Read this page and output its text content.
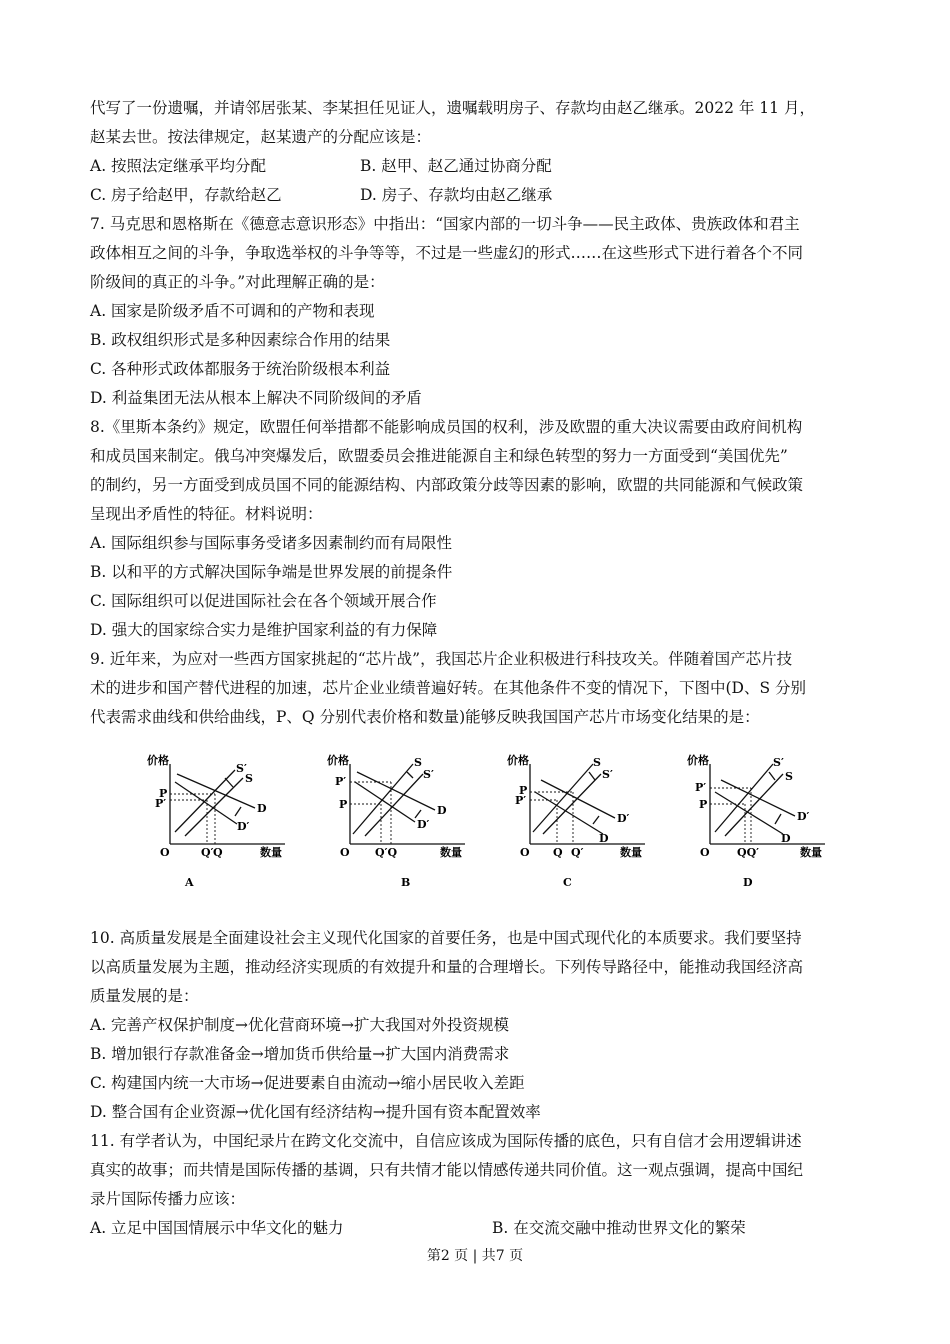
代写了一份遗嘱，并请邻居张某、李某担任见证人，遗嘱载明房子、存款均由赵乙继承。2022 年 11 月，
赵某去世。按法律规定，赵某遗产的分配应该是：
A. 按照法定继承平均分配	B. 赵甲、赵乙通过协商分配
C. 房子给赵甲，存款给赵乙	D. 房子、存款均由赵乙继承
7. 马克思和恩格斯在《德意志意识形态》中指出：“国家内部的一切斗争——民主政体、贵族政体和君主
政体相互之间的斗争，争取选举权的斗争等等，不过是一些虚幻的形式……在这些形式下进行着各个不同
阶级间的真正的斗争。”对此理解正确的是：
A. 国家是阶级矛盾不可调和的产物和表现
B. 政权组织形式是多种因素综合作用的结果
C. 各种形式政体都服务于统治阶级根本利益
D. 利益集团无法从根本上解决不同阶级间的矛盾
8.《里斯本条约》规定，欧盟任何举措都不能影响成员国的权利，涉及欧盟的重大决议需要由政府间机构
和成员国来制定。俄乌冲突爆发后，欧盟委员会推进能源自主和绿色转型的努力一方面受到“美国优先”
的制约，另一方面受到成员国不同的能源结构、内部政策分歧等因素的影响，欧盟的共同能源和气候政策
呈现出矛盾性的特征。材料说明：
A. 国际组织参与国际事务受诸多因素制约而有局限性
B. 以和平的方式解决国际争端是世界发展的前提条件
C. 国际组织可以促进国际社会在各个领域开展合作
D. 强大的国家综合实力是维护国家利益的有力保障
9. 近年来，为应对一些西方国家挑起的“芯片战”，我国芯片企业积极进行科技攻关。伴随着国产芯片技
术的进步和国产替代进程的加速，芯片企业业绩普遍好转。在其他条件不变的情况下，下图中(D、S 分别
代表需求曲线和供给曲线，P、Q 分别代表价格和数量)能够反映我国国产芯片市场变化结果的是：
价格
数量
O
P
P′
Q′ Q
S′
S
D
D′
A
价格
数量
O
P′
P
Q′Q
S
S′
D
D′
B
价格
数量
O
P
P′
Q Q′
S
S′
D′
D
C
价格
数量
O
P′
P
QQ′
S′
S
D′
D
D
10. 高质量发展是全面建设社会主义现代化国家的首要任务，也是中国式现代化的本质要求。我们要坚持
以高质量发展为主题，推动经济实现质的有效提升和量的合理增长。下列传导路径中，能推动我国经济高
质量发展的是：
A. 完善产权保护制度→优化营商环境→扩大我国对外投资规模
B. 增加银行存款准备金→增加货币供给量→扩大国内消费需求
C. 构建国内统一大市场→促进要素自由流动→缩小居民收入差距
D. 整合国有企业资源→优化国有经济结构→提升国有资本配置效率
11. 有学者认为，中国纪录片在跨文化交流中，自信应该成为国际传播的底色，只有自信才会用逻辑讲述
真实的故事；而共情是国际传播的基调，只有共情才能以情感传递共同价值。这一观点强调，提高中国纪
录片国际传播力应该：
A. 立足中国国情展示中华文化的魅力	B. 在交流交融中推动世界文化的繁荣
第2 页 | 共7 页
